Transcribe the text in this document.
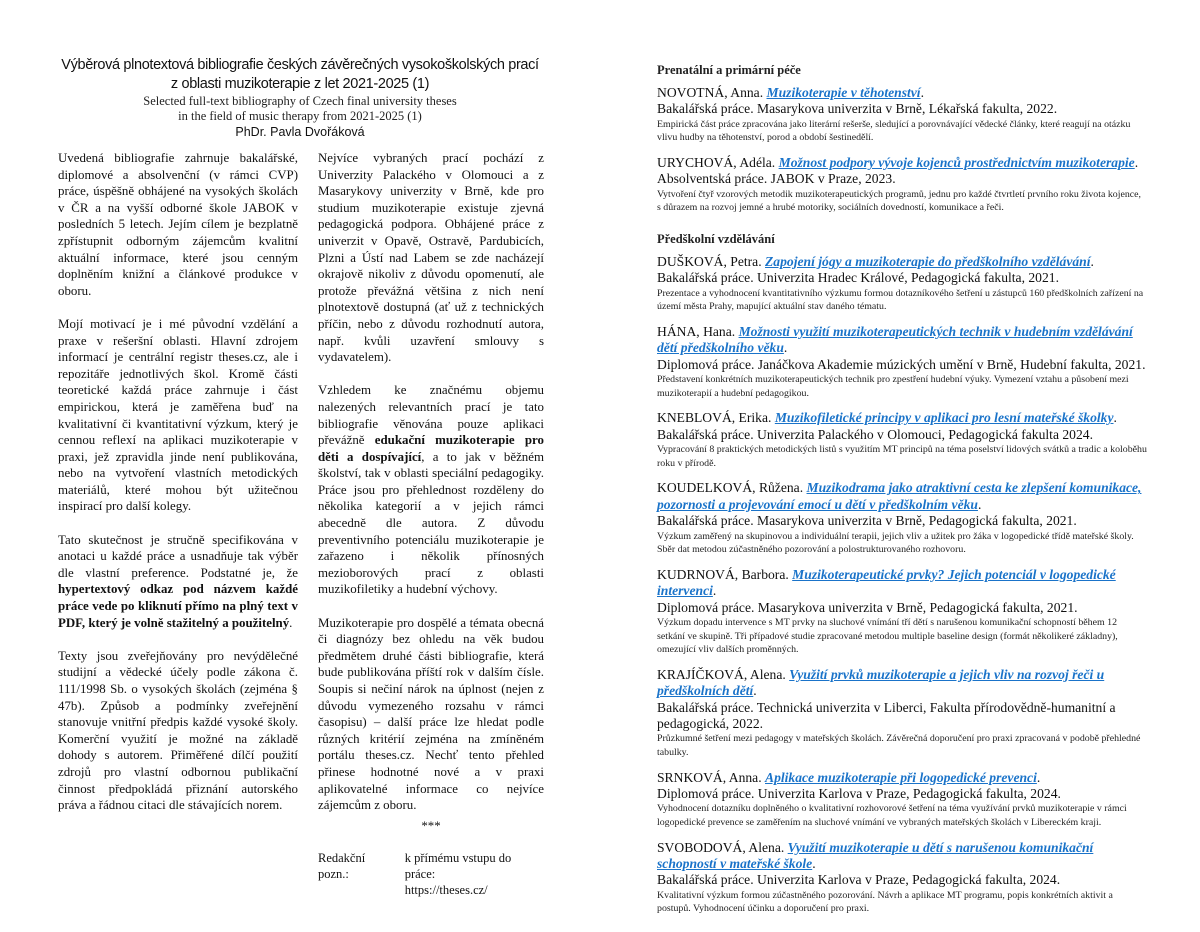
Výběrová plnotextová bibliografie českých závěrečných vysokoškolských prací
z oblasti muzikoterapie z let 2021-2025 (1)
Selected full-text bibliography of Czech final university theses
in the field of music therapy from 2021-2025 (1)
PhDr. Pavla Dvořáková

Uvedená bibliografie zahrnuje bakalářské, diplomové a absolvenční (v rámci CVP) práce, úspěšně obhájené na vysokých školách v ČR a na vyšší odborné škole JABOK v posledních 5 letech. Jejím cílem je bezplatně zpřístupnit odborným zájemcům kvalitní aktuální informace, které jsou cenným doplněním knižní a článkové produkce v oboru.

Mojí motivací je i mé původní vzdělání a praxe v rešeršní oblasti. Hlavní zdrojem informací je centrální registr theses.cz, ale i repozitáře jednotlivých škol. Kromě části teoretické každá práce zahrnuje i část empirickou, která je zaměřena buď na kvalitativní či kvantitativní výzkum, který je cennou reflexí na aplikaci muzikoterapie v praxi, jež zpravidla jinde není publikována, nebo na vytvoření vlastních metodických materiálů, které mohou být užitečnou inspirací pro další kolegy.

Tato skutečnost je stručně specifikována v anotaci u každé práce a usnadňuje tak výběr dle vlastní preference. Podstatné je, že hypertextový odkaz pod názvem každé práce vede po kliknutí přímo na plný text v PDF, který je volně stažitelný a použitelný.

Texty jsou zveřejňovány pro nevýdělečné studijní a vědecké účely podle zákona č. 111/1998 Sb. o vysokých školách (zejména § 47b). Způsob a podmínky zveřejnění stanovuje vnitřní předpis každé vysoké školy. Komerční využití je možné na základě dohody s autorem. Přiměřené dílčí použití zdrojů pro vlastní odbornou publikační činnost předpokládá přiznání autorského práva a řádnou citaci dle stávajících norem.

Nejvíce vybraných prací pochází z Univerzity Palackého v Olomouci a z Masarykovy univerzity v Brně, kde pro studium muzikoterapie existuje zjevná pedagogická podpora. Obhájené práce z univerzit v Opavě, Ostravě, Pardubicích, Plzni a Ústí nad Labem se zde nacházejí okrajově nikoliv z důvodu opomenutí, ale protože převážná většina z nich není plnotextově dostupná (ať už z technických příčin, nebo z důvodu rozhodnutí autora, např. kvůli uzavření smlouvy s vydavatelem).

Vzhledem ke značnému objemu nalezených relevantních prací je tato bibliografie věnována pouze aplikaci převážně edukační muzikoterapie pro děti a dospívající, a to jak v běžném školství, tak v oblasti speciální pedagogiky. Práce jsou pro přehlednost rozděleny do několika kategorií a v jejich rámci abecedně dle autora. Z důvodu preventivního potenciálu muzikoterapie je zařazeno i několik přínosných mezioborových prací z oblasti muzikofiletiky a hudební výchovy.

Muzikoterapie pro dospělé a témata obecná či diagnózy bez ohledu na věk budou předmětem druhé části bibliografie, která bude publikována příští rok v dalším čísle. Soupis si nečiní nárok na úplnost (nejen z důvodu vymezeného rozsahu v rámci časopisu) – další práce lze hledat podle různých kritérií zejména na zmíněném portálu theses.cz. Nechť tento přehled přinese hodnotné nové a v praxi aplikovatelné informace co nejvíce zájemcům z oboru.

***
Redakční pozn.:
k přímému vstupu do práce:
https://theses.cz/
Prenatální a primární péče
NOVOTNÁ, Anna. Muzikoterapie v těhotenství.
Bakalářská práce. Masarykova univerzita v Brně, Lékařská fakulta, 2022.
Empirická část práce zpracována jako literární rešerše, sledující a porovnávající vědecké články, které reagují na otázku vlivu hudby na těhotenství, porod a období šestinedělí.
URYCHOVÁ, Adéla. Možnost podpory vývoje kojenců prostřednictvím muzikoterapie.
Absolventská práce. JABOK v Praze, 2023.
Vytvoření čtyř vzorových metodik muzikoterapeutických programů, jednu pro každé čtvrtletí prvního roku života kojence, s důrazem na rozvoj jemné a hrubé motoriky, sociálních dovedností, komunikace a řeči.
Předškolní vzdělávání
DUŠKOVÁ, Petra. Zapojení jógy a muzikoterapie do předškolního vzdělávání.
Bakalářská práce. Univerzita Hradec Králové, Pedagogická fakulta, 2021.
Prezentace a vyhodnocení kvantitativního výzkumu formou dotazníkového šetření u zástupců 160 předškolních zařízení na území města Prahy, mapující aktuální stav daného tématu.
HÁNA, Hana. Možnosti využití muzikoterapeutických technik v hudebním vzdělávání dětí předškolního věku.
Diplomová práce. Janáčkova Akademie múzických umění v Brně, Hudební fakulta, 2021.
Představení konkrétních muzikoterapeutických technik pro zpestření hudební výuky. Vymezení vztahu a působení mezi muzikoterapií a hudební pedagogikou.
KNEBLOVÁ, Erika. Muzikofiletické principy v aplikaci pro lesní mateřské školky.
Bakalářská práce. Univerzita Palackého v Olomouci, Pedagogická fakulta 2024.
Vypracování 8 praktických metodických listů s využitím MT principů na téma poselství lidových svátků a tradic a koloběhu roku v přírodě.
KOUDELKOVÁ, Růžena. Muzikodrama jako atraktivní cesta ke zlepšení komunikace, pozornosti a projevování emocí u dětí v předškolním věku.
Bakalářská práce. Masarykova univerzita v Brně, Pedagogická fakulta, 2021.
Výzkum zaměřený na skupinovou a individuální terapii, jejich vliv a užitek pro žáka v logopedické třídě mateřské školy. Sběr dat metodou zúčastněného pozorování a polostrukturovaného rozhovoru.
KUDRNOVÁ, Barbora. Muzikoterapeutické prvky? Jejich potenciál v logopedické intervenci.
Diplomová práce. Masarykova univerzita v Brně, Pedagogická fakulta, 2021.
Výzkum dopadu intervence s MT prvky na sluchové vnímání tří dětí s narušenou komunikační schopností během 12 setkání ve skupině. Tři případové studie zpracované metodou multiple baseline design (formát několikeré základny), omezující vliv dalších proměnných.
KRAJÍČKOVÁ, Alena. Využití prvků muzikoterapie a jejich vliv na rozvoj řeči u předškolních dětí.
Bakalářská práce. Technická univerzita v Liberci, Fakulta přírodovědně-humanitní a pedagogická, 2022.
Průzkumné šetření mezi pedagogy v mateřských školách. Závěrečná doporučení pro praxi zpracovaná v podobě přehledné tabulky.
SRNKOVÁ, Anna. Aplikace muzikoterapie při logopedické prevenci.
Diplomová práce. Univerzita Karlova v Praze, Pedagogická fakulta, 2024.
Vyhodnocení dotazníku doplněného o kvalitativní rozhovorové šetření na téma využívání prvků muzikoterapie v rámci logopedické prevence se zaměřením na sluchové vnímání ve vybraných mateřských školách v Libereckém kraji.
SVOBODOVÁ, Alena. Využití muzikoterapie u dětí s narušenou komunikační schopností v mateřské škole.
Bakalářská práce. Univerzita Karlova v Praze, Pedagogická fakulta, 2024.
Kvalitativní výzkum formou zúčastněného pozorování. Návrh a aplikace MT programu, popis konkrétních aktivit a postupů. Vyhodnocení účinku a doporučení pro praxi.
